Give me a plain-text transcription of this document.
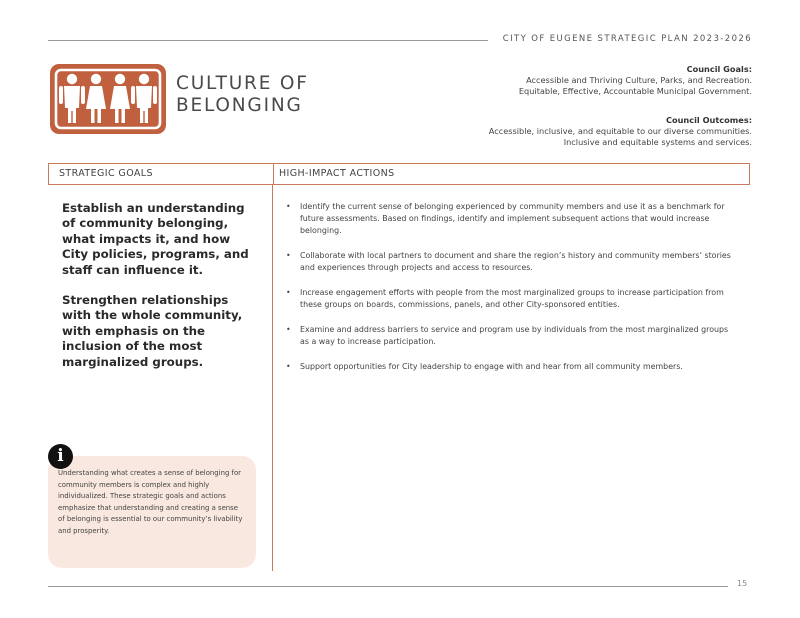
CITY OF EUGENE STRATEGIC PLAN 2023-2026
CULTURE OF
BELONGING
Council Goals:
Accessible and Thriving Culture, Parks, and Recreation.
Equitable, Effective, Accountable Municipal Government.
Council Outcomes:
Accessible, inclusive, and equitable to our diverse communities.
Inclusive and equitable systems and services.
STRATEGIC GOALS	HIGH-IMPACT ACTIONS

Establish an understanding of community belonging, what impacts it, and how City policies, programs, and staff can influence it.

Strengthen relationships with the whole community, with emphasis on the inclusion of the most marginalized groups.

• Identify the current sense of belonging experienced by community members and use it as a benchmark for future assessments. Based on findings, identify and implement subsequent actions that would increase belonging.
• Collaborate with local partners to document and share the region’s history and community members’ stories and experiences through projects and access to resources.
• Increase engagement efforts with people from the most marginalized groups to increase participation from these groups on boards, commissions, panels, and other City-sponsored entities.
• Examine and address barriers to service and program use by individuals from the most marginalized groups as a way to increase participation.
• Support opportunities for City leadership to engage with and hear from all community members.
Understanding what creates a sense of belonging for community members is complex and highly individualized. These strategic goals and actions emphasize that understanding and creating a sense of belonging is essential to our community’s livability and prosperity.
i
15
